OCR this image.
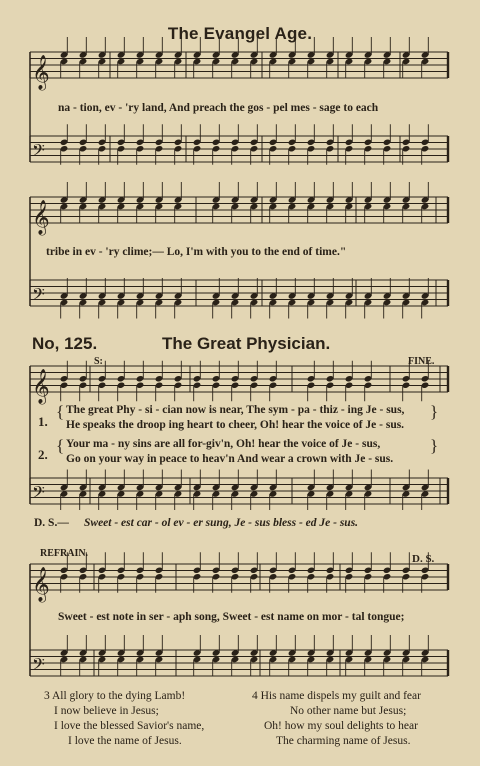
𝄞
𝄢
𝄞
𝄢
𝄞
𝄢
𝄞
𝄢
The Evangel Age.
na - tion, ev - 'ry land, And preach the gos - pel mes - sage to each
tribe in ev - 'ry clime;— Lo, I'm with you to the end of time."
No, 125.	The Great Physician.
S:	FINE.
1.
{ The great Phy - si - cian now is near, The sym - pa - thiz - ing Je - sus,
He speaks the droop ing heart to cheer, Oh! hear the voice of Je - sus.
}
2. { Your ma - ny sins are all for-giv'n, Oh! hear the voice of Je - sus,
Go on your way in peace to heav'n And wear a crown with Je - sus.
}
D. S.— Sweet - est car - ol ev - er sung, Je - sus bless - ed Je - sus.
REFRAIN.	D. S.
Sweet - est note in ser - aph song, Sweet - est name on mor - tal tongue;
3 All glory to the dying Lamb!
I now believe in Jesus;
I love the blessed Savior's name,
I love the name of Jesus.
4 His name dispels my guilt and fear
No other name but Jesus;
Oh! how my soul delights to hear
The charming name of Jesus.
